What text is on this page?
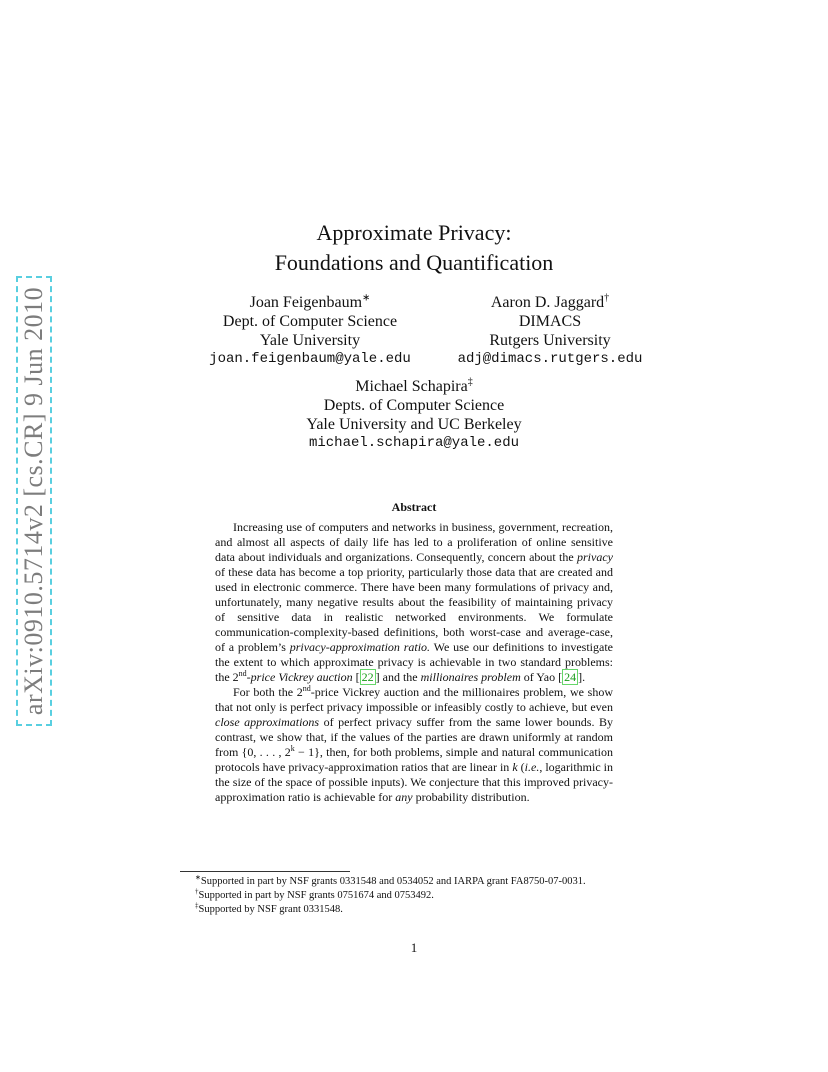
arXiv:0910.5714v2 [cs.CR] 9 Jun 2010
Approximate Privacy:
Foundations and Quantification
Joan Feigenbaum∗
Dept. of Computer Science
Yale University
joan.feigenbaum@yale.edu
Aaron D. Jaggard†
DIMACS
Rutgers University
adj@dimacs.rutgers.edu
Michael Schapira‡
Depts. of Computer Science
Yale University and UC Berkeley
michael.schapira@yale.edu
Abstract

Increasing use of computers and networks in business, government, recreation, and almost all aspects of daily life has led to a proliferation of online sensitive data about individuals and organizations. Consequently, concern about the privacy of these data has become a top priority, particularly those data that are created and used in electronic commerce. There have been many formulations of privacy and, unfortunately, many negative results about the feasibility of maintaining privacy of sensitive data in realistic networked environments. We formulate communication-complexity-based definitions, both worst-case and average-case, of a problem’s privacy-approximation ratio. We use our definitions to investigate the extent to which approximate privacy is achievable in two standard problems: the 2nd-price Vickrey auction [ 22 ] and the millionaires problem of Yao [ 24 ].

For both the 2nd-price Vickrey auction and the millionaires problem, we show that not only is perfect privacy impossible or infeasibly costly to achieve, but even close approximations of perfect privacy suffer from the same lower bounds. By contrast, we show that, if the values of the parties are drawn uniformly at random from {0, . . . , $2^k - 1$}, then, for both problems, simple and natural communication protocols have privacy-approximation ratios that are linear in k (i.e., logarithmic in the size of the space of possible inputs). We conjecture that this improved privacy-approximation ratio is achievable for any probability distribution.

∗Supported in part by NSF grants 0331548 and 0534052 and IARPA grant FA8750-07-0031.
†Supported in part by NSF grants 0751674 and 0753492.
‡Supported by NSF grant 0331548.
1
